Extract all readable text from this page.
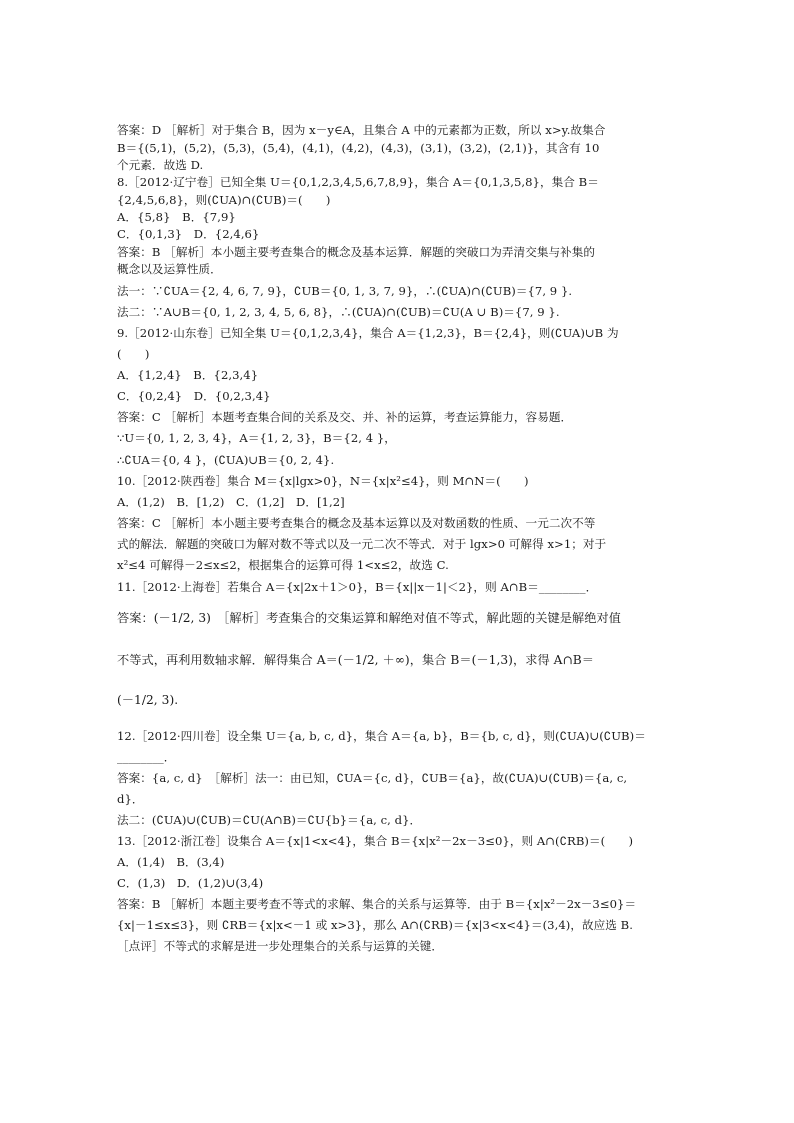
答案：D ［解析］对于集合 B，因为 x－y∈A，且集合 A 中的元素都为正数，所以 x>y.故集合
B＝{(5,1)，(5,2)，(5,3)，(5,4)，(4,1)，(4,2)，(4,3)，(3,1)，(3,2)，(2,1)}，其含有 10
个元素．故选 D.
8.［2012·辽宁卷］已知全集 U＝{0,1,2,3,4,5,6,7,8,9}，集合 A＝{0,1,3,5,8}，集合 B＝
{2,4,5,6,8}，则(∁UA)∩(∁UB)＝(　　)
A．{5,8}　B．{7,9}
C．{0,1,3}　D．{2,4,6}
答案：B ［解析］本小题主要考查集合的概念及基本运算．解题的突破口为弄清交集与补集的
概念以及运算性质．
法一：∵∁UA＝{2, 4, 6, 7, 9}，∁UB＝{0, 1, 3, 7, 9}，∴(∁UA)∩(∁UB)＝{7, 9 }.
法二：∵A∪B＝{0, 1, 2, 3, 4, 5, 6, 8}，∴(∁UA)∩(∁UB)＝∁U(A ∪ B)＝{7, 9 }.
9.［2012·山东卷］已知全集 U＝{0,1,2,3,4}，集合 A＝{1,2,3}，B＝{2,4}，则(∁UA)∪B 为
(　　)
A．{1,2,4}　B．{2,3,4}
C．{0,2,4}　D．{0,2,3,4}
答案：C ［解析］本题考查集合间的关系及交、并、补的运算，考查运算能力，容易题．
∵U＝{0, 1, 2, 3, 4}，A＝{1, 2, 3}，B＝{2, 4 }，
∴∁UA＝{0, 4 }，(∁UA)∪B＝{0, 2, 4}.
10.［2012·陕西卷］集合 M＝{x|lgx>0}，N＝{x|x²≤4}，则 M∩N＝(　　)
A．(1,2)　B．[1,2)　C．(1,2]　D．[1,2]
答案：C ［解析］本小题主要考查集合的概念及基本运算以及对数函数的性质、一元二次不等
式的解法．解题的突破口为解对数不等式以及一元二次不等式．对于 lgx>0 可解得 x>1；对于
x²≤4 可解得－2≤x≤2，根据集合的运算可得 1<x≤2，故选 C.
11.［2012·上海卷］若集合 A＝{x|2x＋1＞0}，B＝{x||x－1|＜2}，则 A∩B＝________．
答案：(－1/2, 3)　［解析］考查集合的交集运算和解绝对值不等式，解此题的关键是解绝对值
不等式，再利用数轴求解．解得集合 A＝(－1/2, ＋∞)，集合 B＝(－1,3)，求得 A∩B＝
(－1/2, 3).
12.［2012·四川卷］设全集 U＝{a, b, c, d}，集合 A＝{a, b}，B＝{b, c, d}，则(∁UA)∪(∁UB)＝
________．
答案：{a, c, d}　［解析］法一：由已知，∁UA＝{c, d}，∁UB＝{a}，故(∁UA)∪(∁UB)＝{a, c,
d}．
法二：(∁UA)∪(∁UB)＝∁U(A∩B)＝∁U{b}＝{a, c, d}．
13.［2012·浙江卷］设集合 A＝{x|1<x<4}，集合 B＝{x|x²－2x－3≤0}，则 A∩(∁RB)＝(　　)
A．(1,4)　B．(3,4)
C．(1,3)　D．(1,2)∪(3,4)
答案：B ［解析］本题主要考查不等式的求解、集合的关系与运算等．由于 B＝{x|x²－2x－3≤0}＝
{x|－1≤x≤3}，则 ∁RB＝{x|x<－1 或 x>3}，那么 A∩(∁RB)＝{x|3<x<4}＝(3,4)，故应选 B.
［点评］不等式的求解是进一步处理集合的关系与运算的关键．
